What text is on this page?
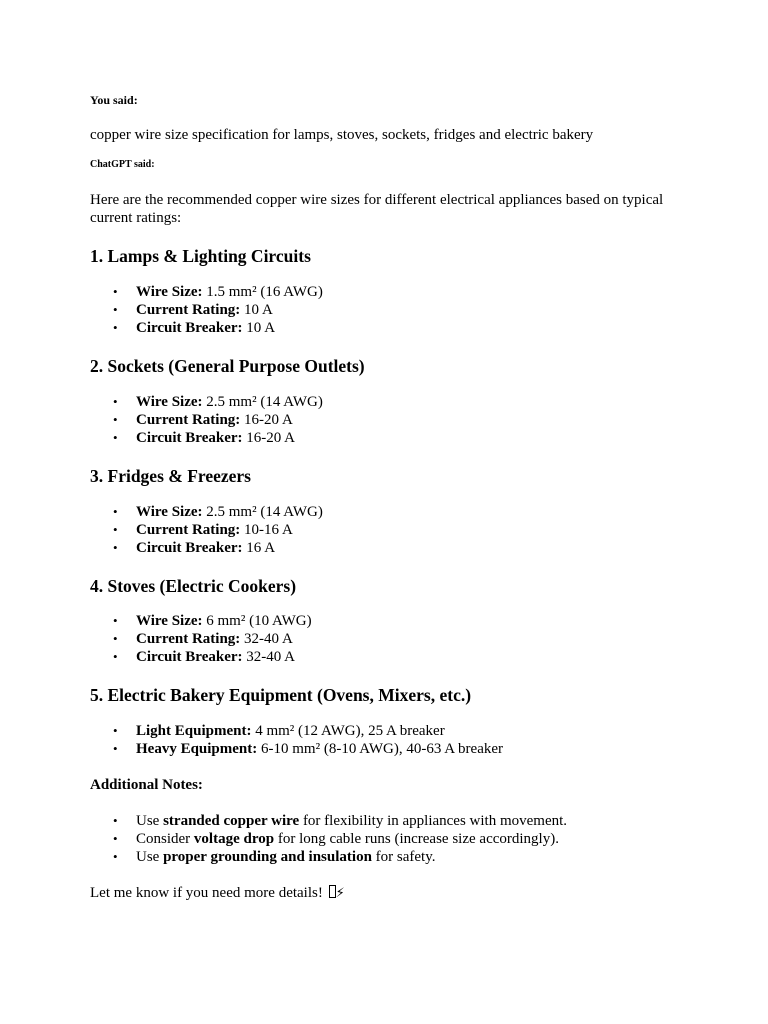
You said:
copper wire size specification for lamps, stoves, sockets, fridges and electric bakery
ChatGPT said:
Here are the recommended copper wire sizes for different electrical appliances based on typical current ratings:
1. Lamps & Lighting Circuits
• Wire Size: 1.5 mm² (16 AWG)
• Current Rating: 10 A
• Circuit Breaker: 10 A
2. Sockets (General Purpose Outlets)
• Wire Size: 2.5 mm² (14 AWG)
• Current Rating: 16-20 A
• Circuit Breaker: 16-20 A
3. Fridges & Freezers
• Wire Size: 2.5 mm² (14 AWG)
• Current Rating: 10-16 A
• Circuit Breaker: 16 A
4. Stoves (Electric Cookers)
• Wire Size: 6 mm² (10 AWG)
• Current Rating: 32-40 A
• Circuit Breaker: 32-40 A
5. Electric Bakery Equipment (Ovens, Mixers, etc.)
• Light Equipment: 4 mm² (12 AWG), 25 A breaker
• Heavy Equipment: 6-10 mm² (8-10 AWG), 40-63 A breaker
Additional Notes:
• Use stranded copper wire for flexibility in appliances with movement.
• Consider voltage drop for long cable runs (increase size accordingly).
• Use proper grounding and insulation for safety.
Let me know if you need more details! ⚡
